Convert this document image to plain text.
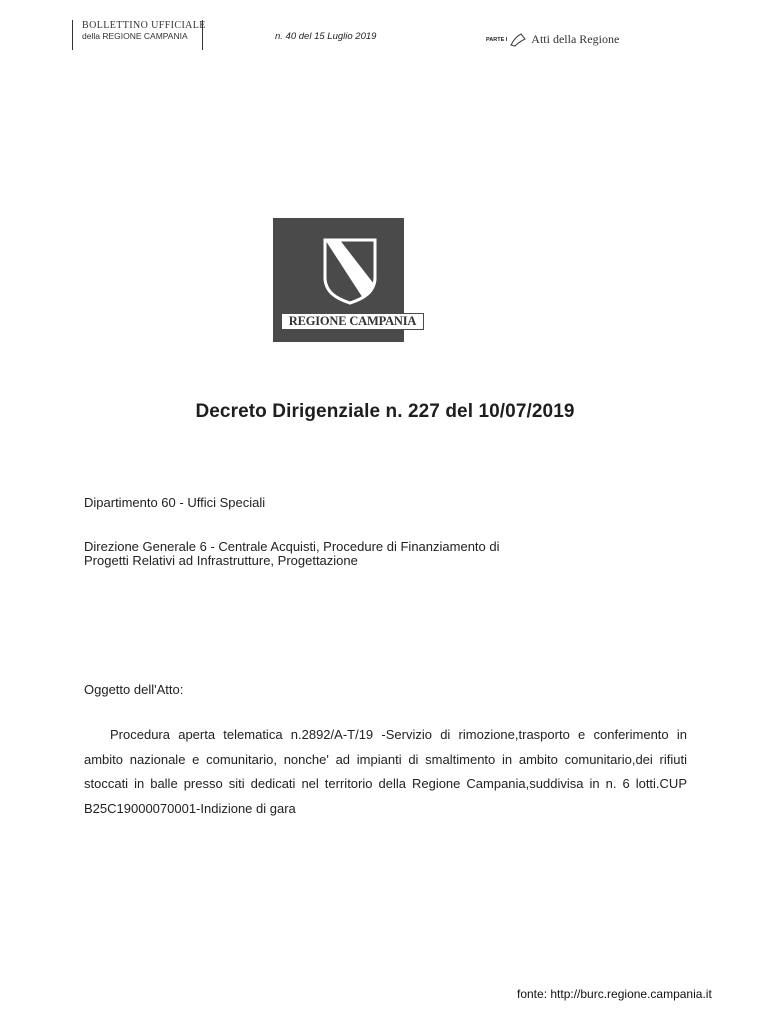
BOLLETTINO UFFICIALE
della REGIONE CAMPANIA	n. 40 del 15 Luglio 2019	PARTE I Atti della Regione
REGIONE CAMPANIA
Decreto Dirigenziale n. 227 del 10/07/2019
Dipartimento 60 - Uffici Speciali
Direzione Generale 6 - Centrale Acquisti, Procedure di Finanziamento di
Progetti Relativi ad Infrastrutture, Progettazione
Oggetto dell'Atto:
Procedura aperta telematica n.2892/A-T/19 -Servizio di rimozione,trasporto e conferimento in ambito nazionale e comunitario, nonche' ad impianti di smaltimento in ambito comunitario,dei rifiuti stoccati in balle presso siti dedicati nel territorio della Regione Campania,suddivisa in n. 6 lotti.CUP B25C19000070001-Indizione di gara
fonte: http://burc.regione.campania.it
